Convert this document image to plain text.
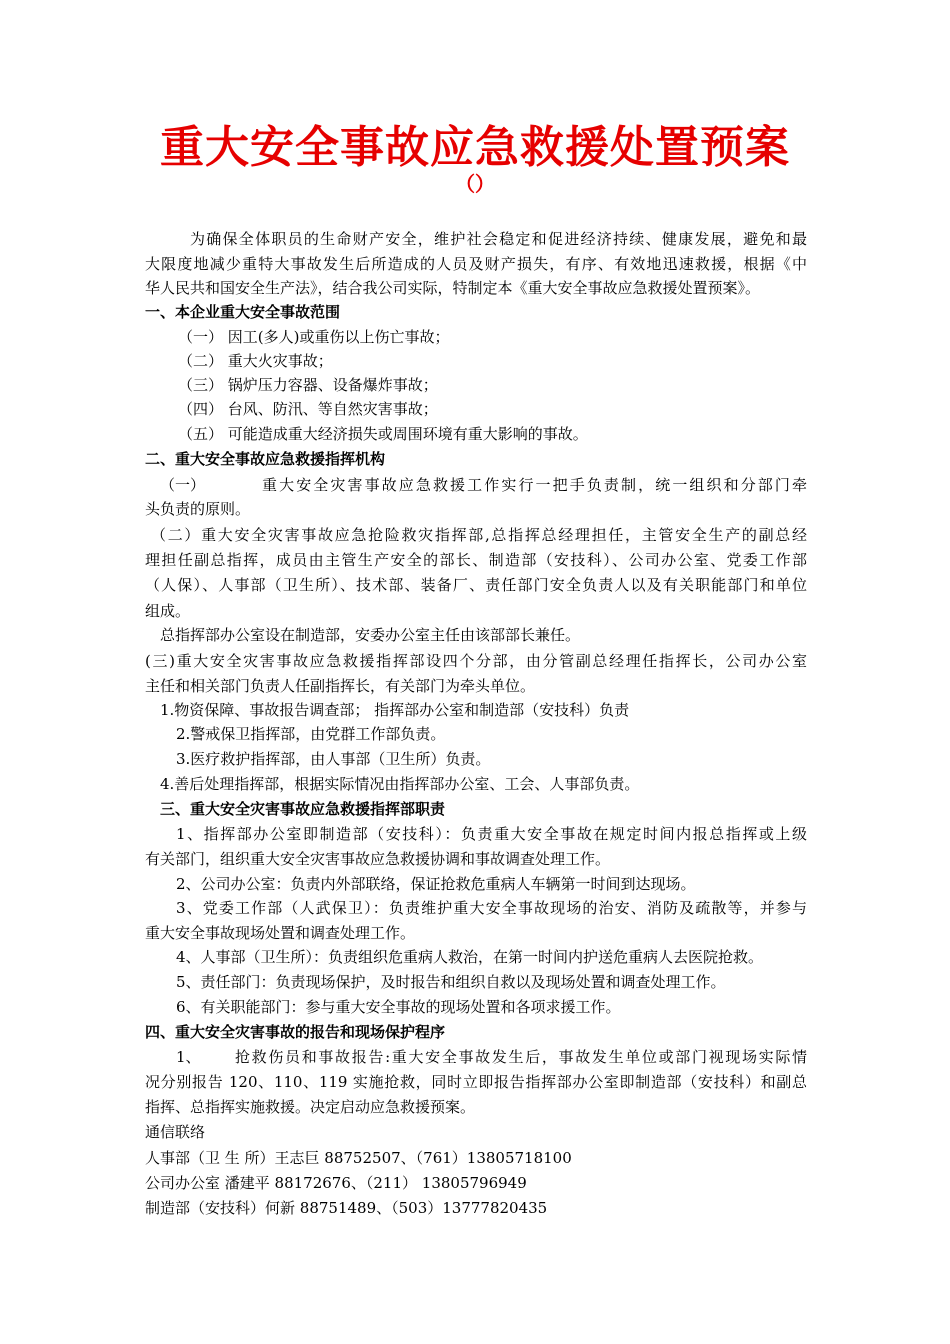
重大安全事故应急救援处置预案
（）
为确保全体职员的生命财产安全，维护社会稳定和促进经济持续、健康发展，避免和最
大限度地减少重特大事故发生后所造成的人员及财产损失，有序、有效地迅速救援，根据《中
华人民共和国安全生产法》，结合我公司实际，特制定本《重大安全事故应急救援处置预案》。
一、本企业重大安全事故范围
（一） 因工(多人)或重伤以上伤亡事故；
（二） 重大火灾事故；
（三） 锅炉压力容器、设备爆炸事故；
（四） 台风、防汛、等自然灾害事故；
（五） 可能造成重大经济损失或周围环境有重大影响的事故。
二、重大安全事故应急救援指挥机构
（一）	重大安全灾害事故应急救援工作实行一把手负责制，统一组织和分部门牵
头负责的原则。
（二）重大安全灾害事故应急抢险救灾指挥部,总指挥总经理担任，主管安全生产的副总经
理担任副总指挥，成员由主管生产安全的部长、制造部（安技科）、公司办公室、党委工作部
（人保）、人事部（卫生所）、技术部、装备厂、责任部门安全负责人以及有关职能部门和单位
组成。
总指挥部办公室设在制造部，安委办公室主任由该部部长兼任。
(三)重大安全灾害事故应急救援指挥部设四个分部，由分管副总经理任指挥长，公司办公室
主任和相关部门负责人任副指挥长，有关部门为牵头单位。
1.物资保障、事故报告调查部； 指挥部办公室和制造部（安技科）负责
2.警戒保卫指挥部，由党群工作部负责。
3.医疗救护指挥部，由人事部（卫生所）负责。
4.善后处理指挥部，根据实际情况由指挥部办公室、工会、人事部负责。
三、重大安全灾害事故应急救援指挥部职责
1、指挥部办公室即制造部（安技科）：负责重大安全事故在规定时间内报总指挥或上级
有关部门，组织重大安全灾害事故应急救援协调和事故调查处理工作。
2、公司办公室：负责内外部联络，保证抢救危重病人车辆第一时间到达现场。
3、党委工作部（人武保卫）：负责维护重大安全事故现场的治安、消防及疏散等，并参与
重大安全事故现场处置和调查处理工作。
4、人事部（卫生所）：负责组织危重病人救治，在第一时间内护送危重病人去医院抢救。
5、责任部门：负责现场保护，及时报告和组织自救以及现场处置和调查处理工作。
6、有关职能部门：参与重大安全事故的现场处置和各项求援工作。
四、重大安全灾害事故的报告和现场保护程序
1、 抢救伤员和事故报告:重大安全事故发生后，事故发生单位或部门视现场实际情
况分别报告 120、110、119 实施抢救，同时立即报告指挥部办公室即制造部（安技科）和副总
指挥、总指挥实施救援。决定启动应急救援预案。
通信联络
人事部（卫 生 所）王志巨 88752507、（761）13805718100
公司办公室 潘建平 88172676、（211） 13805796949
制造部（安技科）何新 88751489、（503）13777820435
